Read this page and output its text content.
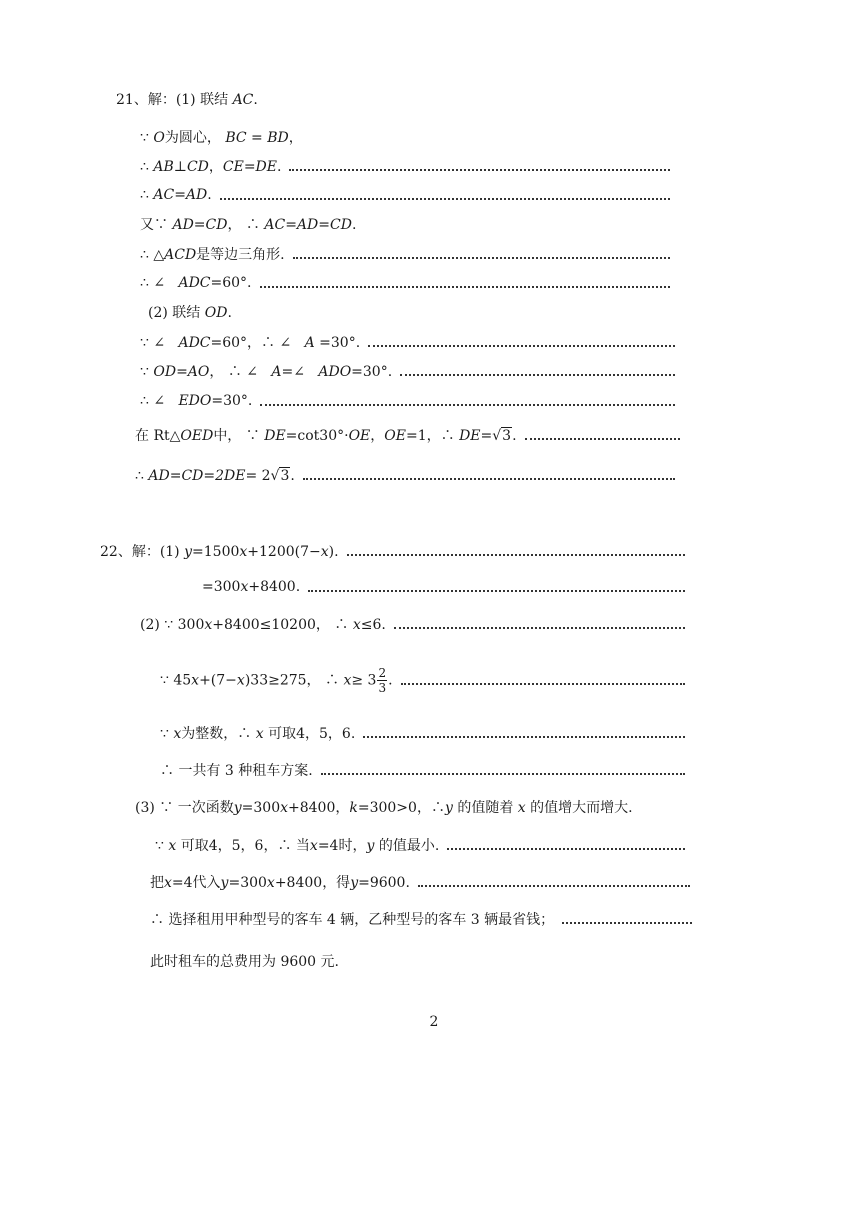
21、解：(1) 联结 AC.
∵ O为圆心， BC = BD，
∴ AB⊥CD，CE=DE.
∴ AC=AD.
又∵ AD=CD， ∴ AC=AD=CD.
∴ △ACD是等边三角形.
∴ ∠ ADC=60°.
(2) 联结 OD.
∵ ∠ ADC=60°，∴ ∠ A =30°.
∵ OD=AO， ∴ ∠ A=∠ ADO=30°.
∴ ∠ EDO=30°.
在 Rt△OED中， ∵ DE=cot30°·OE，OE=1，∴ DE=√3.
∴ AD=CD=2DE= 2√3.
22、解：(1) y=1500x+1200(7−x).
=300x+8400.
(2) ∵ 300x+8400≤10200， ∴ x≤6.
∵ 45x+(7−x)33≥275， ∴ $x\ge 3 \frac{2}{3}$ .
∵ x为整数，∴ x 可取4，5，6.
∴ 一共有 3 种租车方案.
(3) ∵ 一次函数y=300x+8400，k=300>0，∴y 的值随着 x 的值增大而增大.
∵ x 可取4，5，6，∴ 当x=4时，y 的值最小.
把x=4代入y=300x+8400，得y=9600.
∴ 选择租用甲种型号的客车 4 辆，乙种型号的客车 3 辆最省钱；
此时租车的总费用为 9600 元.
2
